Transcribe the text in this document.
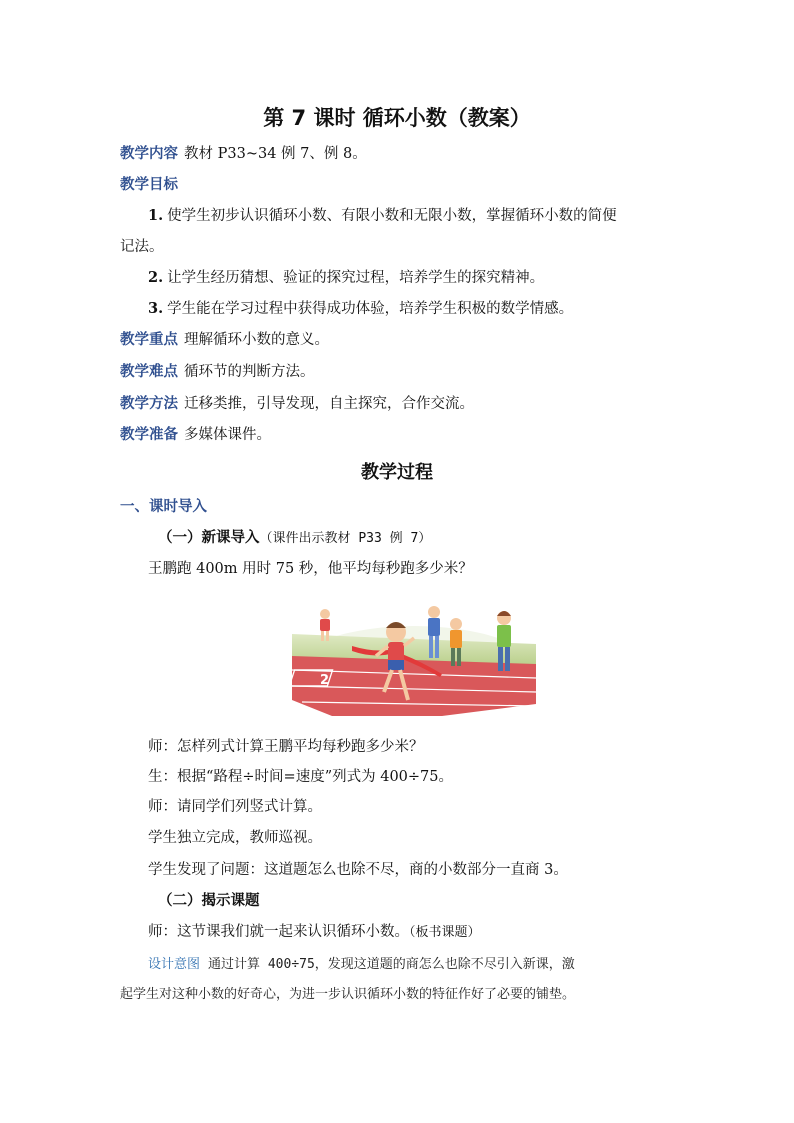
第 7 课时 循环小数（教案）
教学内容 教材 P33~34 例 7、例 8。
教学目标
1. 使学生初步认识循环小数、有限小数和无限小数，掌握循环小数的简便
记法。
2. 让学生经历猜想、验证的探究过程，培养学生的探究精神。
3. 学生能在学习过程中获得成功体验，培养学生积极的数学情感。
教学重点 理解循环小数的意义。
教学难点 循环节的判断方法。
教学方法 迁移类推，引导发现，自主探究，合作交流。
教学准备 多媒体课件。
教学过程
一、课时导入
（一）新课导入（课件出示教材 P33 例 7）
王鹏跑 400m 用时 75 秒，他平均每秒跑多少米？
2
师：怎样列式计算王鹏平均每秒跑多少米？
生：根据“路程÷时间=速度”列式为 400÷75。
师：请同学们列竖式计算。
学生独立完成，教师巡视。
学生发现了问题：这道题怎么也除不尽，商的小数部分一直商 3。
（二）揭示课题
师：这节课我们就一起来认识循环小数。（板书课题）
设计意图 通过计算 400÷75，发现这道题的商怎么也除不尽引入新课，激
起学生对这种小数的好奇心，为进一步认识循环小数的特征作好了必要的铺垫。
